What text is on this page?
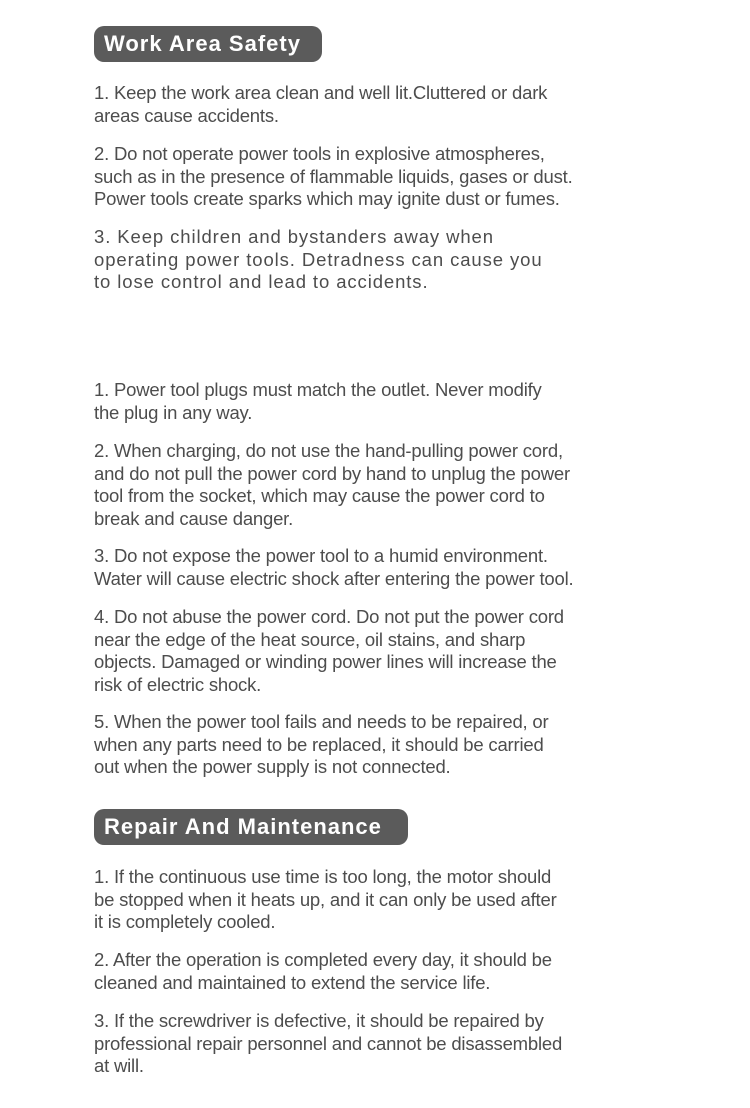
Work Area Safety

1. Keep the work area clean and well lit.Cluttered or dark
areas cause accidents.

2. Do not operate power tools in explosive atmospheres,
such as in the presence of flammable liquids, gases or dust.
Power tools create sparks which may ignite dust or fumes.

3. Keep children and bystanders away when
operating power tools. Detradness can cause you
to lose control and lead to accidents.

1. Power tool plugs must match the outlet. Never modify
the plug in any way.

2. When charging, do not use the hand-pulling power cord,
and do not pull the power cord by hand to unplug the power
tool from the socket, which may cause the power cord to
break and cause danger.

3. Do not expose the power tool to a humid environment.
Water will cause electric shock after entering the power tool.

4. Do not abuse the power cord. Do not put the power cord
near the edge of the heat source, oil stains, and sharp
objects. Damaged or winding power lines will increase the
risk of electric shock.

5. When the power tool fails and needs to be repaired, or
when any parts need to be replaced, it should be carried
out when the power supply is not connected.

Repair And Maintenance

1. If the continuous use time is too long, the motor should
be stopped when it heats up, and it can only be used after
it is completely cooled.

2. After the operation is completed every day, it should be
cleaned and maintained to extend the service life.

3. If the screwdriver is defective, it should be repaired by
professional repair personnel and cannot be disassembled
at will.
